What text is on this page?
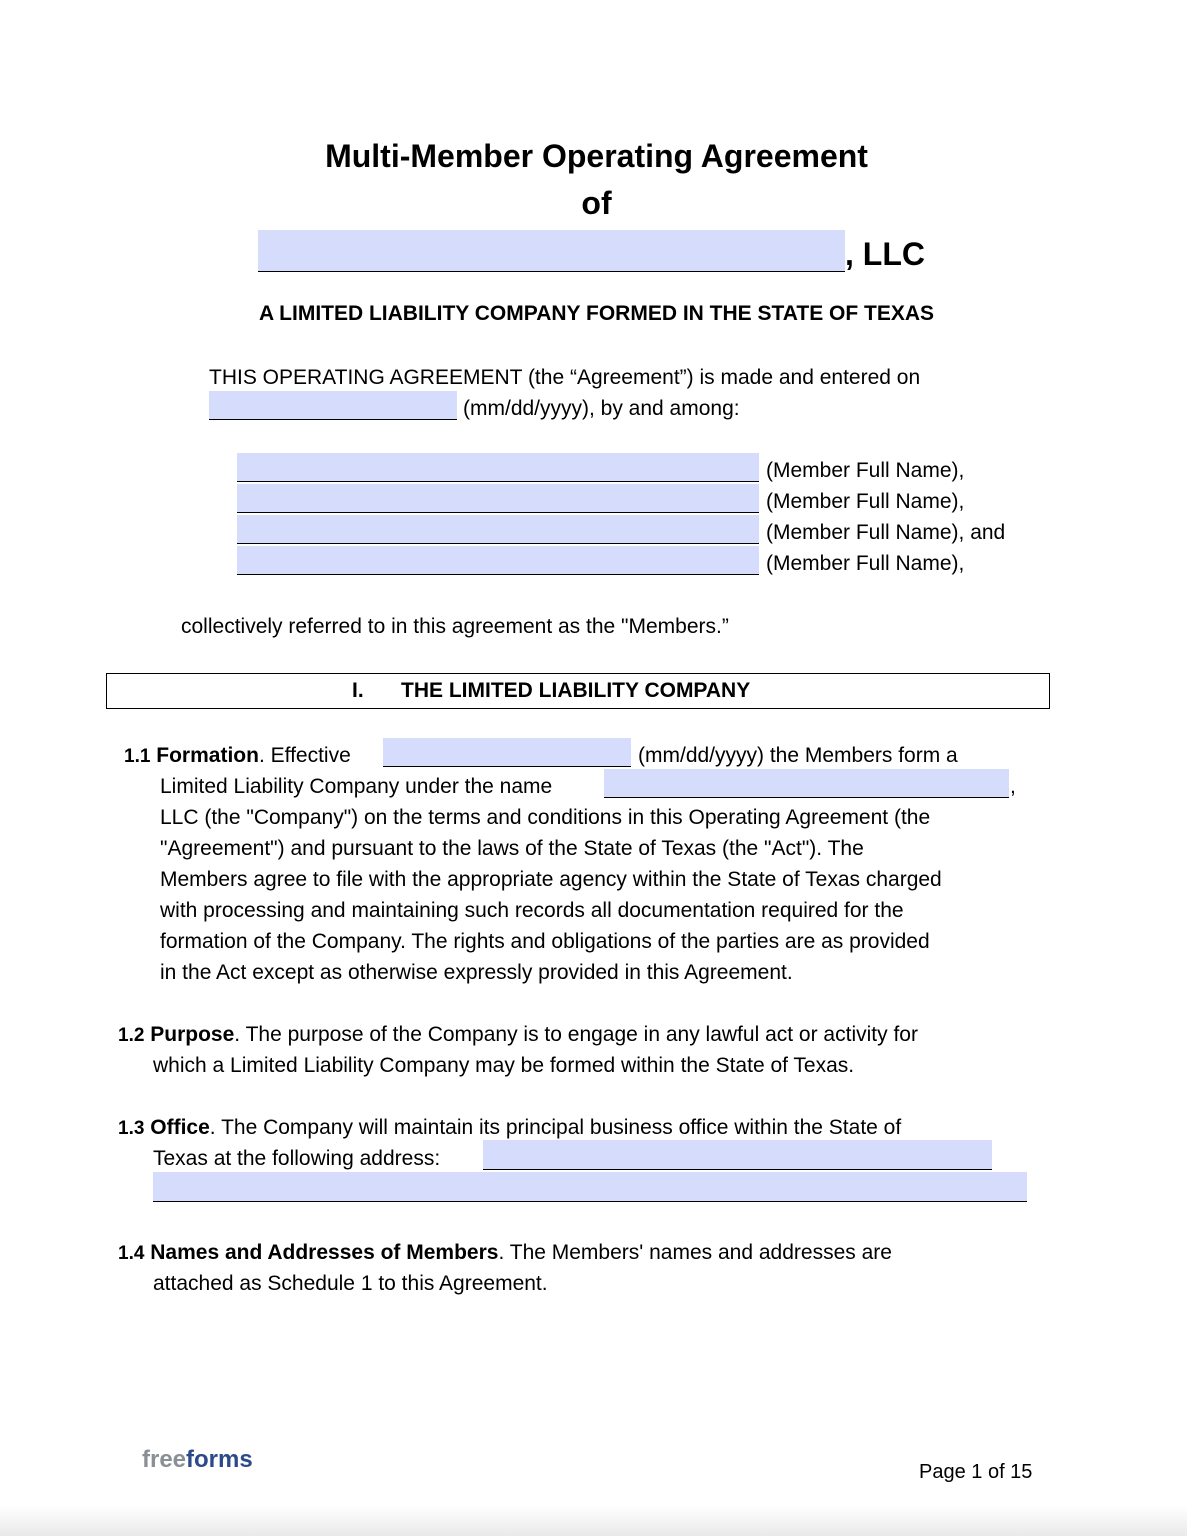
Multi-Member Operating Agreement
of
, LLC
A LIMITED LIABILITY COMPANY FORMED IN THE STATE OF TEXAS
THIS OPERATING AGREEMENT (the “Agreement”) is made and entered on
(mm/dd/yyyy), by and among:
(Member Full Name),
(Member Full Name),
(Member Full Name), and
(Member Full Name),
collectively referred to in this agreement as the "Members.”
I. THE LIMITED LIABILITY COMPANY
1.1 Formation. Effective	(mm/dd/yyyy) the Members form a
Limited Liability Company under the name	,
LLC (the "Company") on the terms and conditions in this Operating Agreement (the
"Agreement") and pursuant to the laws of the State of Texas (the "Act"). The
Members agree to file with the appropriate agency within the State of Texas charged
with processing and maintaining such records all documentation required for the
formation of the Company. The rights and obligations of the parties are as provided
in the Act except as otherwise expressly provided in this Agreement.
1.2 Purpose. The purpose of the Company is to engage in any lawful act or activity for
which a Limited Liability Company may be formed within the State of Texas.
1.3 Office. The Company will maintain its principal business office within the State of
Texas at the following address:
1.4 Names and Addresses of Members. The Members' names and addresses are
attached as Schedule 1 to this Agreement.
freeforms	Page 1 of 15
